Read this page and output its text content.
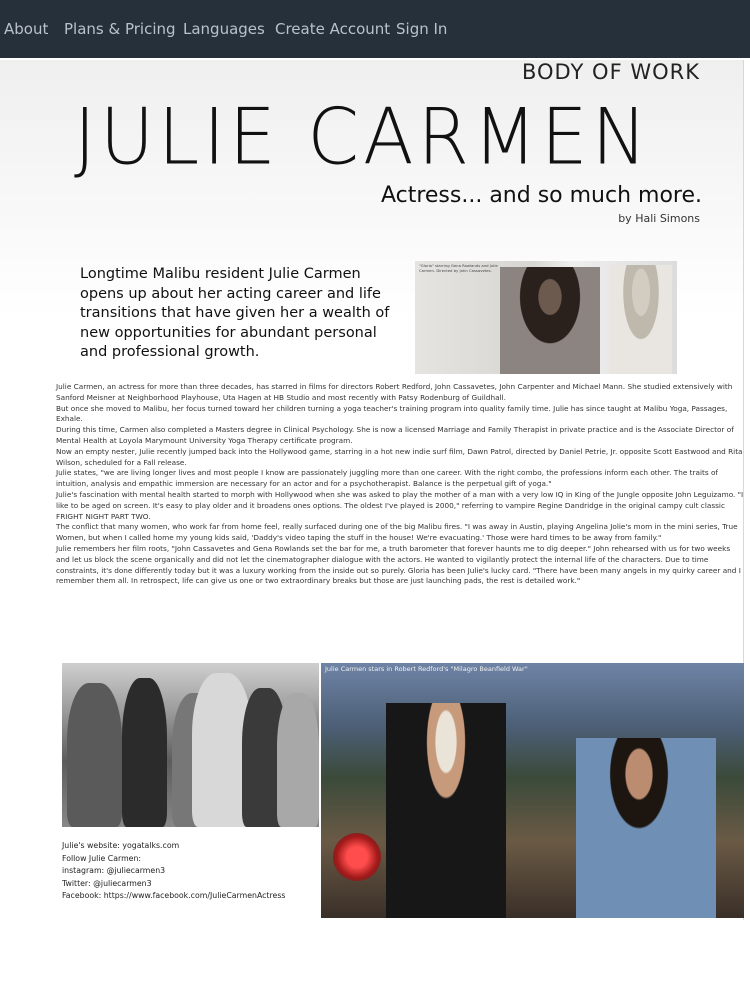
About Plans & Pricing Languages Create Account Sign In
BODY OF WORK
JULIE CARMEN
Actress... and so much more.
by Hali Simons
Longtime Malibu resident Julie Carmen opens up about her acting career and life transitions that have given her a wealth of new opportunities for abundant personal and professional growth.
"Gloria" starring Gena Rowlands and Julie Carmen. Directed by John Cassavetes.

Julie Carmen, an actress for more than three decades, has starred in films for directors Robert Redford, John Cassavetes, John Carpenter and Michael Mann. She studied extensively with Sanford Meisner at Neighborhood Playhouse, Uta Hagen at HB Studio and most recently with Patsy Rodenburg of Guildhall.

But once she moved to Malibu, her focus turned toward her children turning a yoga teacher's training program into quality family time. Julie has since taught at Malibu Yoga, Passages, Exhale.

During this time, Carmen also completed a Masters degree in Clinical Psychology. She is now a licensed Marriage and Family Therapist in private practice and is the Associate Director of Mental Health at Loyola Marymount University Yoga Therapy certificate program.

Now an empty nester, Julie recently jumped back into the Hollywood game, starring in a hot new indie surf film, Dawn Patrol, directed by Daniel Petrie, Jr. opposite Scott Eastwood and Rita Wilson, scheduled for a Fall release.

Julie states, "we are living longer lives and most people I know are passionately juggling more than one career. With the right combo, the professions inform each other. The traits of intuition, analysis and empathic immersion are necessary for an actor and for a psychotherapist. Balance is the perpetual gift of yoga."

Julie's fascination with mental health started to morph with Hollywood when she was asked to play the mother of a man with a very low IQ in King of the Jungle opposite John Leguizamo. "I like to be aged on screen. It's easy to play older and it broadens ones options. The oldest I've played is 2000," referring to vampire Regine Dandridge in the original campy cult classic FRIGHT NIGHT PART TWO.

The conflict that many women, who work far from home feel, really surfaced during one of the big Malibu fires. "I was away in Austin, playing Angelina Jolie's mom in the mini series, True Women, but when I called home my young kids said, 'Daddy's video taping the stuff in the house! We're evacuating.' Those were hard times to be away from family."

Julie remembers her film roots, "John Cassavetes and Gena Rowlands set the bar for me, a truth barometer that forever haunts me to dig deeper." John rehearsed with us for two weeks and let us block the scene organically and did not let the cinematographer dialogue with the actors. He wanted to vigilantly protect the internal life of the characters. Due to time constraints, it's done differently today but it was a luxury working from the inside out so purely. Gloria has been Julie's lucky card. "There have been many angels in my quirky career and I remember them all. In retrospect, life can give us one or two extraordinary breaks but those are just launching pads, the rest is detailed work."

Julie Carmen stars in Robert Redford's "Milagro Beanfield War"
Julie's website: yogatalks.com
Follow Julie Carmen:
instagram: @juliecarmen3
Twitter: @juliecarmen3
Facebook: https://www.facebook.com/JulieCarmenActress
